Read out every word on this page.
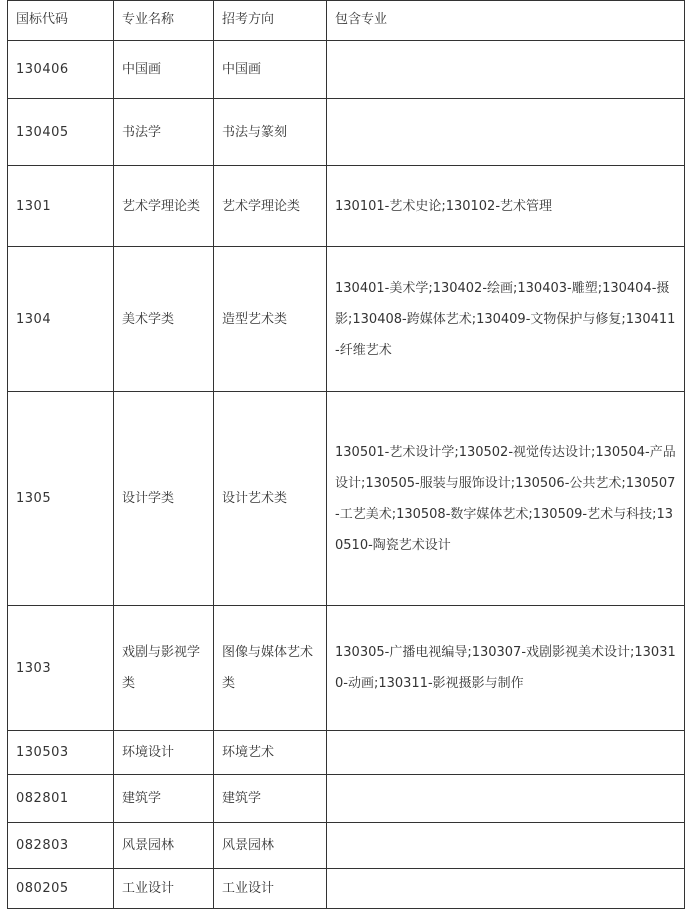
国标代码	专业名称	招考方向	包含专业
130406	中国画	中国画	
130405	书法学	书法与篆刻	
1301	艺术学理论类	艺术学理论类	130101-艺术史论;130102-艺术管理
1304	美术学类	造型艺术类	130401-美术学;130402-绘画;130403-雕塑;130404-摄影;130408-跨媒体艺术;130409-文物保护与修复;130411-纤维艺术
1305	设计学类	设计艺术类	130501-艺术设计学;130502-视觉传达设计;130504-产品设计;130505-服装与服饰设计;130506-公共艺术;130507-工艺美术;130508-数字媒体艺术;130509-艺术与科技;130510-陶瓷艺术设计
1303	戏剧与影视学类	图像与媒体艺术类	130305-广播电视编导;130307-戏剧影视美术设计;130310-动画;130311-影视摄影与制作
130503	环境设计	环境艺术	
082801	建筑学	建筑学	
082803	风景园林	风景园林	
080205	工业设计	工业设计	
